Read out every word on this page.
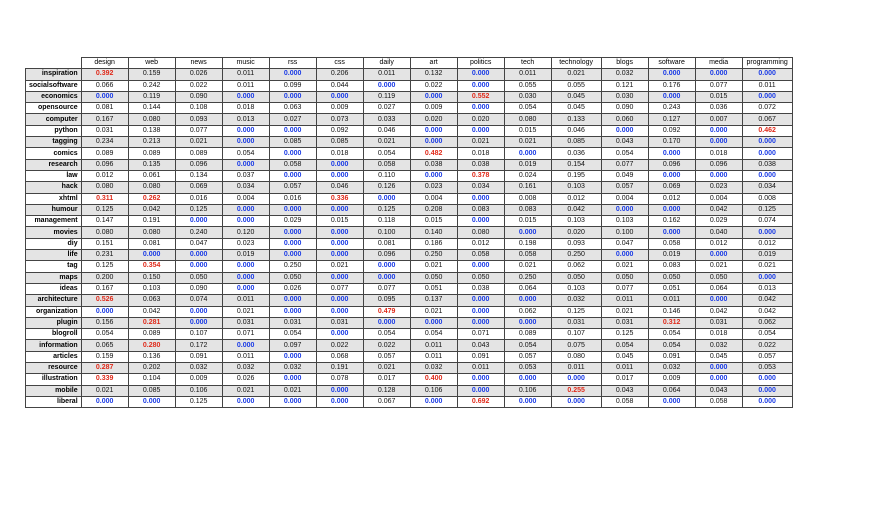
	design	web	news	music	rss	css	daily	art	politics	tech	technology	blogs	software	media	programming
inspiration	0.392	0.159	0.026	0.011	0.000	0.206	0.011	0.132	0.000	0.011	0.021	0.032	0.000	0.000	0.000
socialsoftware	0.066	0.242	0.022	0.011	0.099	0.044	0.000	0.022	0.000	0.055	0.055	0.121	0.176	0.077	0.011
economics	0.000	0.119	0.090	0.000	0.000	0.000	0.119	0.000	0.552	0.030	0.045	0.030	0.000	0.015	0.000
opensource	0.081	0.144	0.108	0.018	0.063	0.009	0.027	0.009	0.000	0.054	0.045	0.090	0.243	0.036	0.072
computer	0.167	0.080	0.093	0.013	0.027	0.073	0.033	0.020	0.020	0.080	0.133	0.060	0.127	0.007	0.067
python	0.031	0.138	0.077	0.000	0.000	0.092	0.046	0.000	0.000	0.015	0.046	0.000	0.092	0.000	0.462
tagging	0.234	0.213	0.021	0.000	0.085	0.085	0.021	0.000	0.021	0.021	0.085	0.043	0.170	0.000	0.000
comics	0.089	0.089	0.089	0.054	0.000	0.018	0.054	0.482	0.018	0.000	0.036	0.054	0.000	0.018	0.000
research	0.096	0.135	0.096	0.000	0.058	0.000	0.058	0.038	0.038	0.019	0.154	0.077	0.096	0.096	0.038
law	0.012	0.061	0.134	0.037	0.000	0.000	0.110	0.000	0.378	0.024	0.195	0.049	0.000	0.000	0.000
hack	0.080	0.080	0.069	0.034	0.057	0.046	0.126	0.023	0.034	0.161	0.103	0.057	0.069	0.023	0.034
xhtml	0.311	0.262	0.016	0.004	0.016	0.336	0.000	0.004	0.000	0.008	0.012	0.004	0.012	0.004	0.008
humour	0.125	0.042	0.125	0.000	0.000	0.000	0.125	0.208	0.083	0.083	0.042	0.000	0.000	0.042	0.125
management	0.147	0.191	0.000	0.000	0.029	0.015	0.118	0.015	0.000	0.015	0.103	0.103	0.162	0.029	0.074
movies	0.080	0.080	0.240	0.120	0.000	0.000	0.100	0.140	0.080	0.000	0.020	0.100	0.000	0.040	0.000
diy	0.151	0.081	0.047	0.023	0.000	0.000	0.081	0.186	0.012	0.198	0.093	0.047	0.058	0.012	0.012
life	0.231	0.000	0.000	0.019	0.000	0.000	0.096	0.250	0.058	0.058	0.250	0.000	0.019	0.000	0.019
tag	0.125	0.354	0.000	0.000	0.250	0.021	0.000	0.021	0.000	0.021	0.062	0.021	0.083	0.021	0.021
maps	0.200	0.150	0.050	0.000	0.050	0.000	0.000	0.050	0.050	0.250	0.050	0.050	0.050	0.050	0.000
ideas	0.167	0.103	0.090	0.000	0.026	0.077	0.077	0.051	0.038	0.064	0.103	0.077	0.051	0.064	0.013
architecture	0.526	0.063	0.074	0.011	0.000	0.000	0.095	0.137	0.000	0.000	0.032	0.011	0.011	0.000	0.042
organization	0.000	0.042	0.000	0.021	0.000	0.000	0.479	0.021	0.000	0.062	0.125	0.021	0.146	0.042	0.042
plugin	0.156	0.281	0.000	0.031	0.031	0.031	0.000	0.000	0.000	0.000	0.031	0.031	0.312	0.031	0.062
blogroll	0.054	0.089	0.107	0.071	0.054	0.000	0.054	0.054	0.071	0.089	0.107	0.125	0.054	0.018	0.054
information	0.065	0.280	0.172	0.000	0.097	0.022	0.022	0.011	0.043	0.054	0.075	0.054	0.054	0.032	0.022
articles	0.159	0.136	0.091	0.011	0.000	0.068	0.057	0.011	0.091	0.057	0.080	0.045	0.091	0.045	0.057
resource	0.287	0.202	0.032	0.032	0.032	0.191	0.021	0.032	0.011	0.053	0.011	0.011	0.032	0.000	0.053
illustration	0.339	0.104	0.009	0.026	0.000	0.078	0.017	0.400	0.000	0.000	0.000	0.017	0.009	0.000	0.000
mobile	0.021	0.085	0.106	0.021	0.021	0.000	0.128	0.106	0.000	0.106	0.255	0.043	0.064	0.043	0.000
liberal	0.000	0.000	0.125	0.000	0.000	0.000	0.067	0.000	0.692	0.000	0.000	0.058	0.000	0.058	0.000
